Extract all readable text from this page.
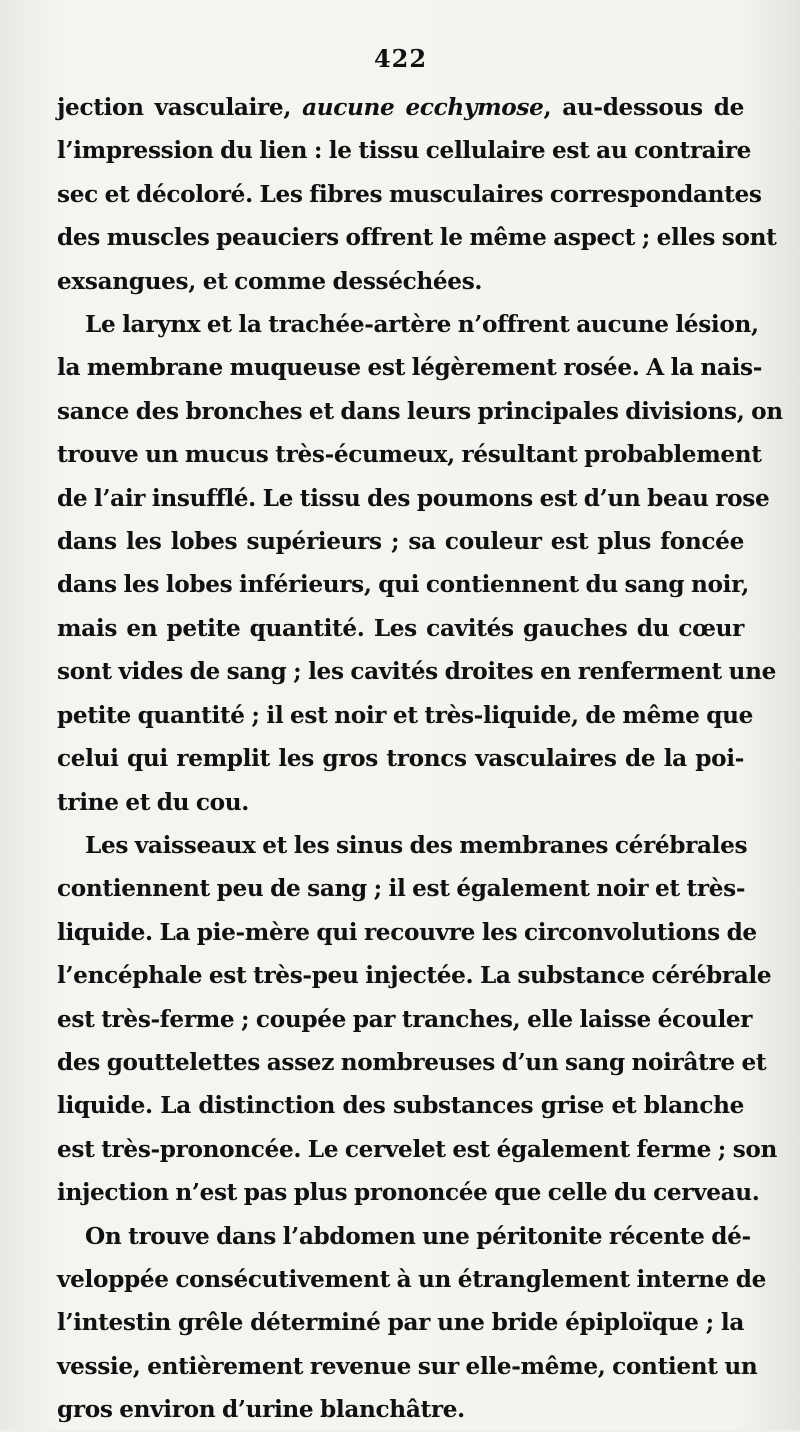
422
jection vasculaire, aucune ecchymose, au-dessous de
l’impression du lien : le tissu cellulaire est au contraire
sec et décoloré. Les fibres musculaires correspondantes
des muscles peauciers offrent le même aspect ; elles sont
exsangues, et comme desséchées.
Le larynx et la trachée-artère n’offrent aucune lésion,
la membrane muqueuse est légèrement rosée. A la nais-
sance des bronches et dans leurs principales divisions, on
trouve un mucus très-écumeux, résultant probablement
de l’air insufflé. Le tissu des poumons est d’un beau rose
dans les lobes supérieurs ; sa couleur est plus foncée
dans les lobes inférieurs, qui contiennent du sang noir,
mais en petite quantité. Les cavités gauches du cœur
sont vides de sang ; les cavités droites en renferment une
petite quantité ; il est noir et très-liquide, de même que
celui qui remplit les gros troncs vasculaires de la poi-
trine et du cou.
Les vaisseaux et les sinus des membranes cérébrales
contiennent peu de sang ; il est également noir et très-
liquide. La pie-mère qui recouvre les circonvolutions de
l’encéphale est très-peu injectée. La substance cérébrale
est très-ferme ; coupée par tranches, elle laisse écouler
des gouttelettes assez nombreuses d’un sang noirâtre et
liquide. La distinction des substances grise et blanche
est très-prononcée. Le cervelet est également ferme ; son
injection n’est pas plus prononcée que celle du cerveau.
On trouve dans l’abdomen une péritonite récente dé-
veloppée consécutivement à un étranglement interne de
l’intestin grêle déterminé par une bride épiploïque ; la
vessie, entièrement revenue sur elle-même, contient un
gros environ d’urine blanchâtre.
